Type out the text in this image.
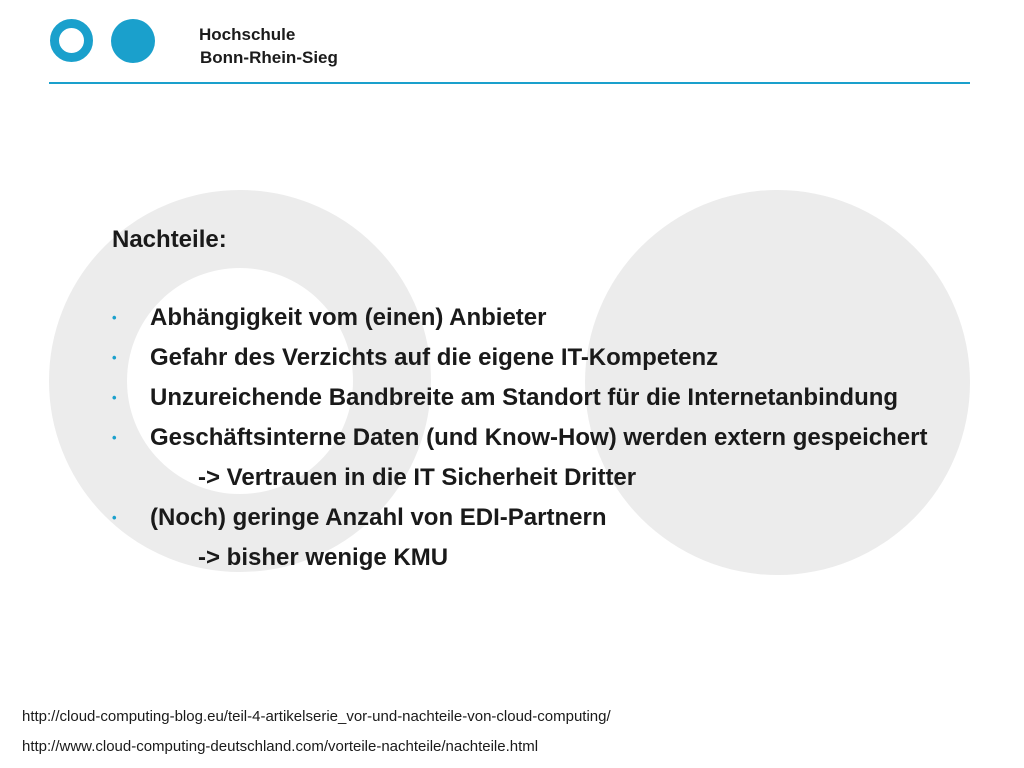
Hochschule
Bonn-Rhein-Sieg
Nachteile:
• Abhängigkeit vom (einen) Anbieter
• Gefahr des Verzichts auf die eigene IT-Kompetenz
• Unzureichende Bandbreite am Standort für die Internetanbindung
• Geschäftsinterne Daten (und Know-How) werden extern gespeichert
-> Vertrauen in die IT Sicherheit Dritter
• (Noch) geringe Anzahl von EDI-Partnern
-> bisher wenige KMU
http://cloud-computing-blog.eu/teil-4-artikelserie_vor-und-nachteile-von-cloud-computing/
http://www.cloud-computing-deutschland.com/vorteile-nachteile/nachteile.html
